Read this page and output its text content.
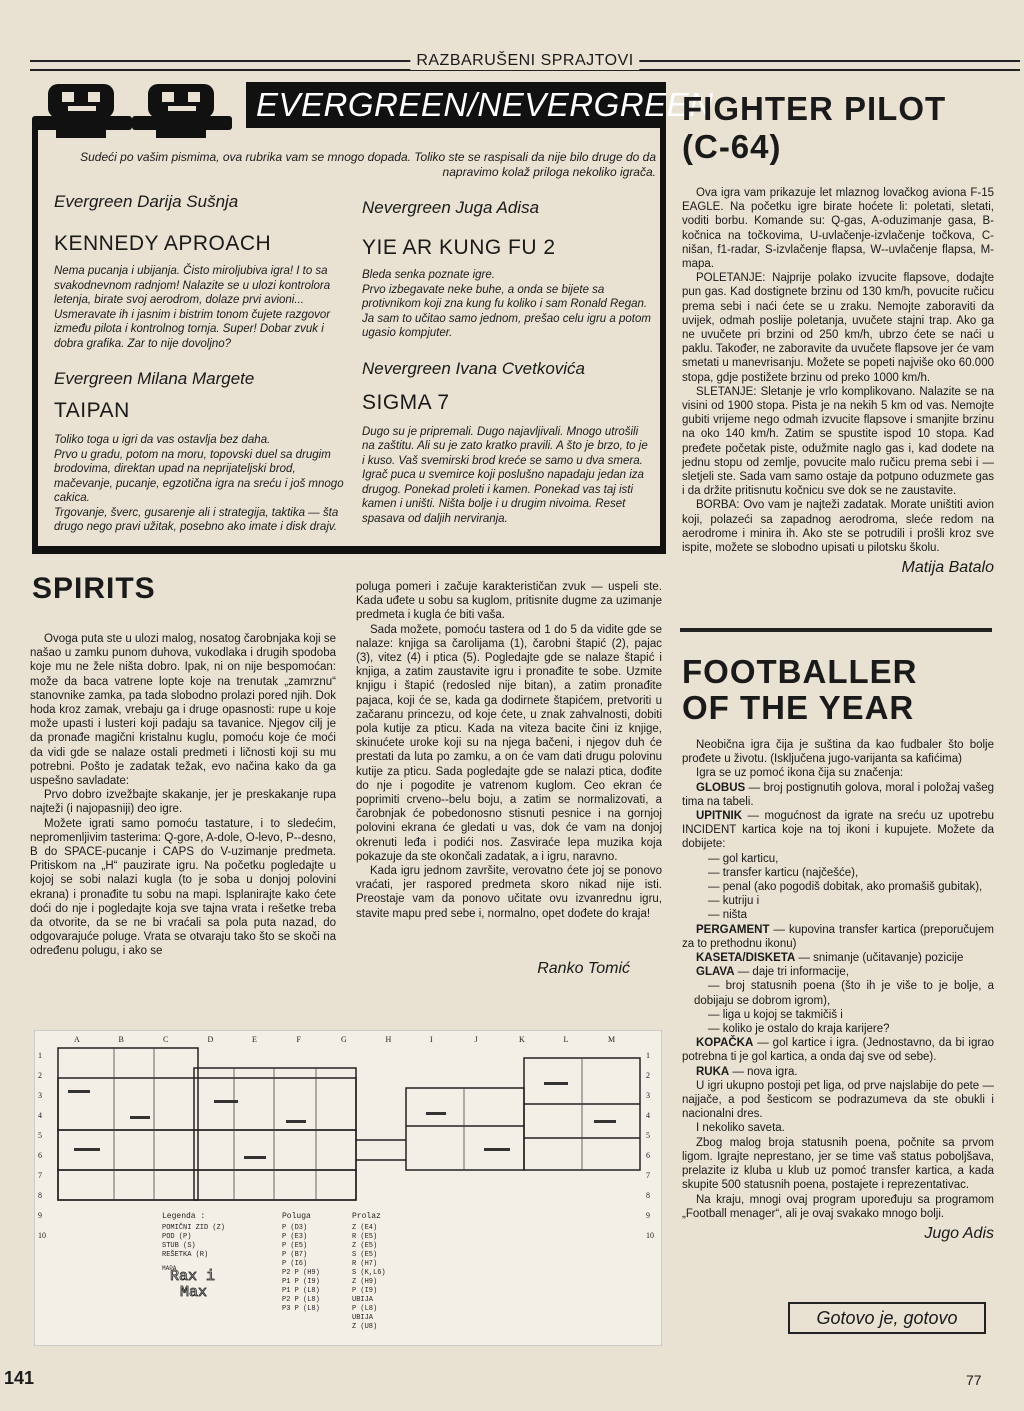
RAZBARUŠENI SPRAJTOVI
EVERGREEN/NEVERGREEN
Sudeći po vašim pismima, ova rubrika vam se mnogo dopada. Toliko ste se raspisali da nije bilo druge do da napravimo kolaž priloga nekoliko igrača.
Evergreen Darija Sušnja
KENNEDY APROACH
Nema pucanja i ubijanja. Čisto miroljubiva igra! I to sa svakodnevnom radnjom! Nalazite se u ulozi kontrolora letenja, birate svoj aerodrom, dolaze prvi avioni... Usmeravate ih i jasnim i bistrim tonom čujete razgovor između pilota i kontrolnog tornja. Super! Dobar zvuk i dobra grafika. Zar to nije dovoljno?
Evergreen Milana Margete
TAIPAN
Toliko toga u igri da vas ostavlja bez daha.
Prvo u gradu, potom na moru, topovski duel sa drugim brodovima, direktan upad na neprijateljski brod, mačevanje, pucanje, egzotična igra na sreću i još mnogo cakica.
Trgovanje, šverc, gusarenje ali i strategija, taktika — šta drugo nego pravi užitak, posebno ako imate i disk drajv.
Nevergreen Juga Adisa
YIE AR KUNG FU 2
Bleda senka poznate igre.
Prvo izbegavate neke buhe, a onda se bijete sa protivnikom koji zna kung fu koliko i sam Ronald Regan.
Ja sam to učitao samo jednom, prešao celu igru a potom ugasio kompjuter.
Nevergreen Ivana Cvetkovića
SIGMA 7
Dugo su je pripremali. Dugo najavljivali. Mnogo utrošili na zaštitu. Ali su je zato kratko pravili. A što je brzo, to je i kuso. Vaš svemirski brod kreće se samo u dva smera. Igrač puca u svemirce koji poslušno napadaju jedan iza drugog. Ponekad proleti i kamen. Ponekad vas taj isti kamen i uništi. Ništa bolje i u drugim nivoima. Reset spasava od dalјih nerviranja.
FIGHTER PILOT
(C-64)

Ova igra vam prikazuje let mlaznog lovačkog aviona F-15 EAGLE. Na početku igre birate hoćete li: poletati, sletati, voditi borbu. Komande su: Q-gas, A-oduzimanje gasa, B-kočnica na točkovima, U-uvlačenje-izvlačenje točkova, C-nišan, f1-radar, S-izvlačenje flapsa, W--uvlačenje flapsa, M-mapa.

POLETANJE: Najprije polako izvucite flapsove, dodajte pun gas. Kad dostignete brzinu od 130 km/h, povucite ručicu prema sebi i naći ćete se u zraku. Nemojte zaboraviti da uvijek, odmah poslije poletanja, uvučete stajni trap. Ako ga ne uvučete pri brzini od 250 km/h, ubrzo ćete se naći u paklu. Također, ne zaboravite da uvučete flapsove jer će vam smetati u manevrisanju. Možete se popeti najviše oko 60.000 stopa, gdje postižete brzinu od preko 1000 km/h.

SLETANJE: Sletanje je vrlo komplikovano. Nalazite se na visini od 1900 stopa. Pista je na nekih 5 km od vas. Nemojte gubiti vrijeme nego odmah izvucite flapsove i smanjite brzinu na oko 140 km/h. Zatim se spustite ispod 10 stopa. Kad pređete početak piste, odužmite naglo gas i, kad dodete na jednu stopu od zemlje, povucite malo ručicu prema sebi i — sletjeli ste. Sada vam samo ostaje da potpuno oduzmete gas i da držite pritisnutu kočnicu sve dok se ne zaustavite.

BORBA: Ovo vam je najteži zadatak. Morate uništiti avion koji, polazeći sa zapadnog aerodroma, sleće redom na aerodrome i minira ih. Ako ste se potrudili i prošli kroz sve ispite, možete se slobodno upisati u pilotsku školu.

Matija Batalo
SPIRITS

Ovoga puta ste u ulozi malog, nosatog čarobnjaka koji se našao u zamku punom duhova, vukodlaka i drugih spodoba koje mu ne žele ništa dobro. Ipak, ni on nije bespomoćan: može da baca vatrene lopte koje na trenutak „zamrznu“ stanovnike zamka, pa tada slobodno prolazi pored njih. Dok hoda kroz zamak, vrebaju ga i druge opasnosti: rupe u koje može upasti i lusteri koji padaju sa tavanice. Njegov cilj je da pronađe magični kristalnu kuglu, pomoću koje će moći da vidi gde se nalaze ostali predmeti i ličnosti koji su mu potrebni. Pošto je zadatak težak, evo načina kako da ga uspešno savladate:

Prvo dobro izvežbajte skakanje, jer je preskakanje rupa najteži (i najopasniji) deo igre.

Možete igrati samo pomoću tastature, i to sledećim, nepromenljivim tasterima: Q-gore, A-dole, O-levo, P--desno, B do SPACE-pucanje i CAPS do V-uzimanje predmeta. Pritiskom na „H“ pauzirate igru. Na početku pogledajte u kojoj se sobi nalazi kugla (to je soba u donjoj polovini ekrana) i pronađite tu sobu na mapi. Isplanirajte kako ćete doći do nje i pogledajte koja sve tajna vrata i rešetke treba da otvorite, da se ne bi vraćali sa pola puta nazad, do odgovarajuće poluge. Vrata se otvaraju tako što se skoči na određenu polugu, i ako se

poluga pomeri i začuje karakterističan zvuk — uspeli ste. Kada uđete u sobu sa kuglom, pritisnite dugme za uzimanje predmeta i kugla će biti vaša.

Sada možete, pomoću tastera od 1 do 5 da vidite gde se nalaze: knjiga sa čarolijama (1), čarobni štapić (2), pajac (3), vitez (4) i ptica (5). Pogledajte gde se nalaze štapić i knjiga, a zatim zaustavite igru i pronađite te sobe. Uzmite knjigu i štapić (redosled nije bitan), a zatim pronađite pajaca, koji će se, kada ga dodirnete štapićem, pretvoriti u začaranu princezu, od koje ćete, u znak zahvalnosti, dobiti pola kutije za pticu. Kada na viteza bacite čini iz knjige, skinućete uroke koji su na njega bačeni, i njegov duh će prestati da luta po zamku, a on će vam dati drugu polovinu kutije za pticu. Sada pogledajte gde se nalazi ptica, dođite do nje i pogodite je vatrenom kuglom. Ceo ekran će poprimiti crveno--belu boju, a zatim se normalizovati, a čarobnjak će pobedonosno stisnuti pesnice i na gornjoj polovini ekrana će gledati u vas, dok će vam na donjoj okrenuti leđa i podići nos. Zasviraće lepa muzika koja pokazuje da ste okončali zadatak, a i igru, naravno.

Kada igru jednom završite, verovatno ćete joj se ponovo vraćati, jer raspored predmeta skoro nikad nije isti. Preostaje vam da ponovo učitate ovu izvanrednu igru, stavite mapu pred sebe i, normalno, opet dođete do kraja!

Ranko Tomić
FOOTBALLER
OF THE YEAR

Neobična igra čija je suština da kao fudbaler što bolje prođete u životu. (Isključena jugo-varijanta sa kafićima)

Igra se uz pomoć ikona čija su značenja:

GLOBUS — broj postignutih golova, moral i položaj vašeg tima na tabeli.

UPITNIK — mogućnost da igrate na sreću uz upotrebu INCIDENT kartica koje na toj ikoni i kupujete. Možete da dobijete:

— gol karticu,

— transfer karticu (najčešće),

— penal (ako pogodiš dobitak, ako promašiš gubitak),

— kutriju i

— ništa

PERGAMENT — kupovina transfer kartica (preporučujem za to prethodnu ikonu)

KASETA/DISKETA — snimanje (učitavanje) pozicije

GLAVA — daje tri informacije,

— broj statusnih poena (što ih je više to je bolje, a dobijaju se dobrom igrom),

— liga u kojoj se takmičiš i

— koliko je ostalo do kraja karijere?

KOPAČKA — gol kartice i igra. (Jednostavno, da bi igrao potrebna ti je gol kartica, a onda daj sve od sebe).

RUKA — nova igra.

U igri ukupno postoji pet liga, od prve najslabije do pete — najjače, a pod šesticom se podrazumeva da ste obukli i nacionalni dres.

I nekoliko saveta.

Zbog malog broja statusnih poena, počnite sa prvom ligom. Igrajte neprestano, jer se time vaš status poboljšava, prelazite iz kluba u klub uz pomoć transfer kartica, a kada skupite 500 statusnih poena, postajete i reprezentativac.

Na kraju, mnogi ovaj program upoređuju sa programom „Football menager“, ali je ovaj svakako mnogo bolji.

Jugo Adis
Gotovo je, gotovo
A	B	C	D	E	F	G	H	I	J	K	L	M
1	1
2	2
3	3
4	4
5	5
6	6
7	7
8	8
9	9
10	10
Legenda :
POMIČNI ZID (Z)
POD (P)
STUB (S)
REŠETKA (R)
MAPA
Poluga
P (D3)
P (E3)
P (E5)
P (B7)
P (I6)
P2 P (H9)
P1 P (I9)
P1 P (L8)
P2 P (L8)
P3 P (L8)
Prolaz
Z (E4)
R (E5)
Z (E5)
S (E5)
R (H7)
S (K,L6)
Z (H9)
P (I9)
UBIJA
P (L8)
UBIJA
Z (U8)
Rax i
Max
141	77
